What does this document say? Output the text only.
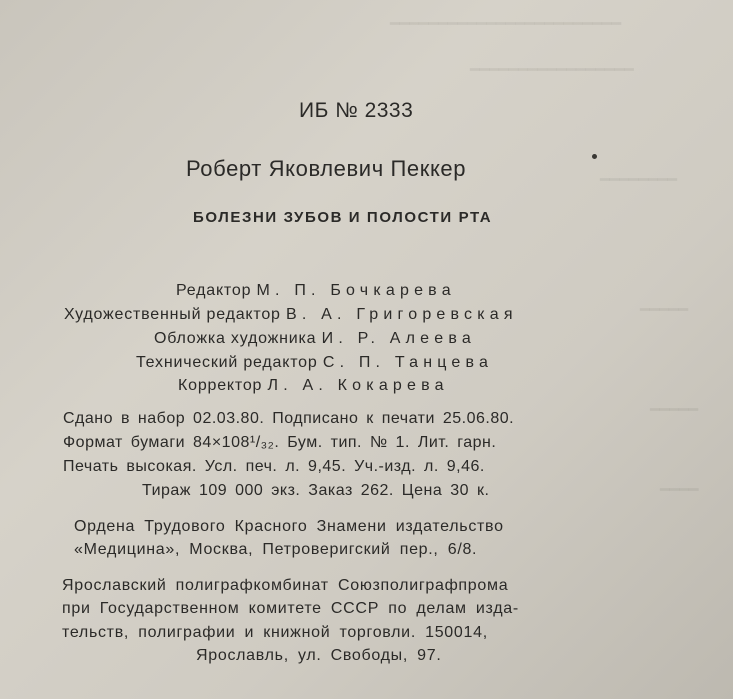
━━━━━━━━━━━━━━━━━━━━━━━━
━━━━━━━━━━━━━━━━━
━━━━━━━━
━━━━━
━━━━━
━━━━
ИБ № 2333
Роберт Яковлевич Пеккер
БОЛЕЗНИ ЗУБОВ И ПОЛОСТИ РТА
Редактор М. П. Бочкарева
Художественный редактор В. А. Григоревская
Обложка художника И. Р. Алеева
Технический редактор С. П. Танцева
Корректор Л. А. Кокарева
Сдано в набор 02.03.80. Подписано к печати 25.06.80.
Формат бумаги 84×108¹/₃₂. Бум. тип. № 1. Лит. гарн.
Печать высокая. Усл. печ. л. 9,45. Уч.-изд. л. 9,46.
Тираж 109 000 экз. Заказ 262. Цена 30 к.
Ордена Трудового Красного Знамени издательство
«Медицина», Москва, Петроверигский пер., 6/8.
Ярославский полиграфкомбинат Союзполиграфпрома
при Государственном комитете СССР по делам изда-
тельств, полиграфии и книжной торговли. 150014,
Ярославль, ул. Свободы, 97.
